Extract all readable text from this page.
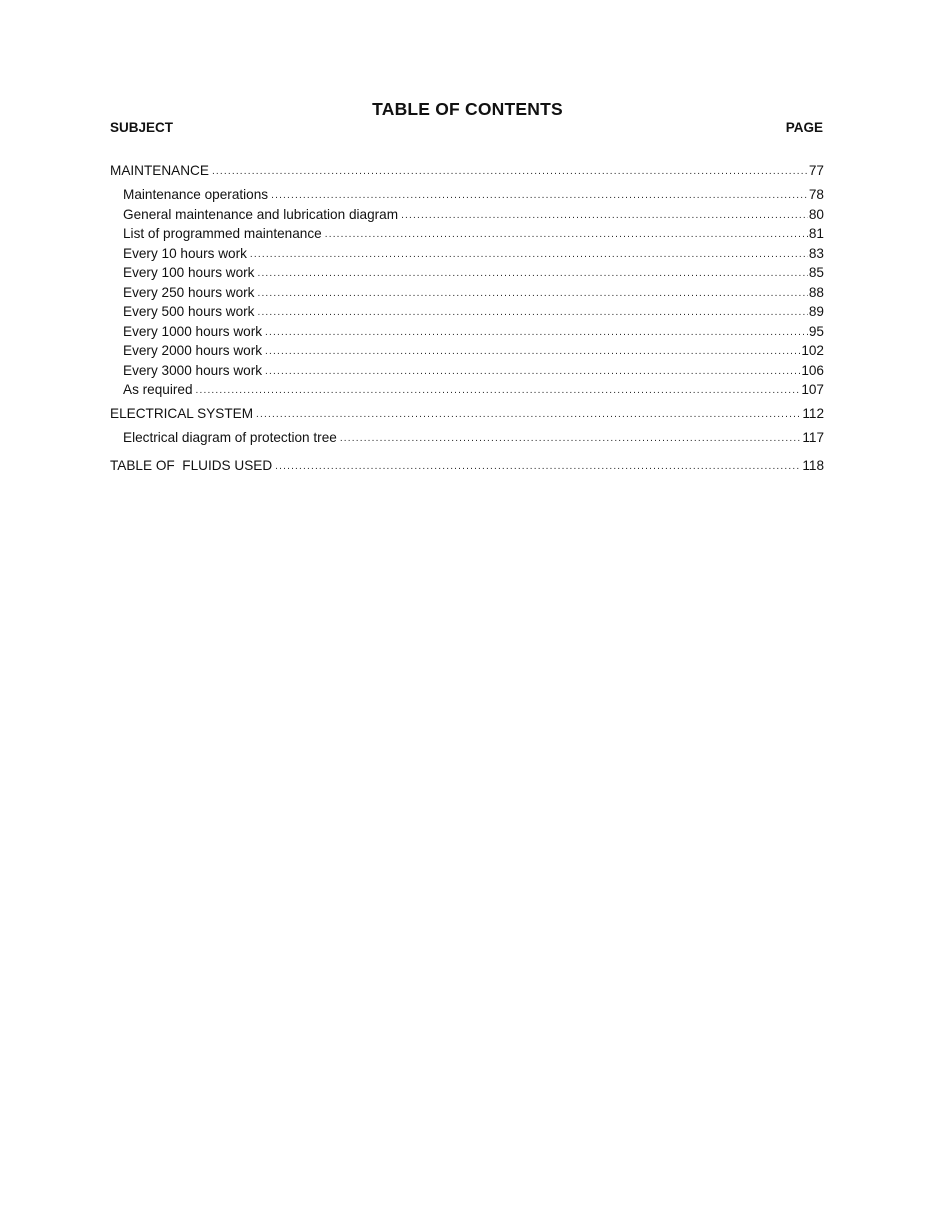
TABLE OF CONTENTS
SUBJECT	PAGE
MAINTENANCE .....	77
Maintenance operations .....	78
General maintenance and lubrication diagram .....	80
List of programmed maintenance .....	81
Every 10 hours work .....	83
Every 100 hours work .....	85
Every 250 hours work .....	88
Every 500 hours work .....	89
Every 1000 hours work .....	95
Every 2000 hours work .....	102
Every 3000 hours work .....	106
As required .....	107
ELECTRICAL SYSTEM .....	112
Electrical diagram of protection tree .....	117
TABLE OF  FLUIDS USED .....	118
